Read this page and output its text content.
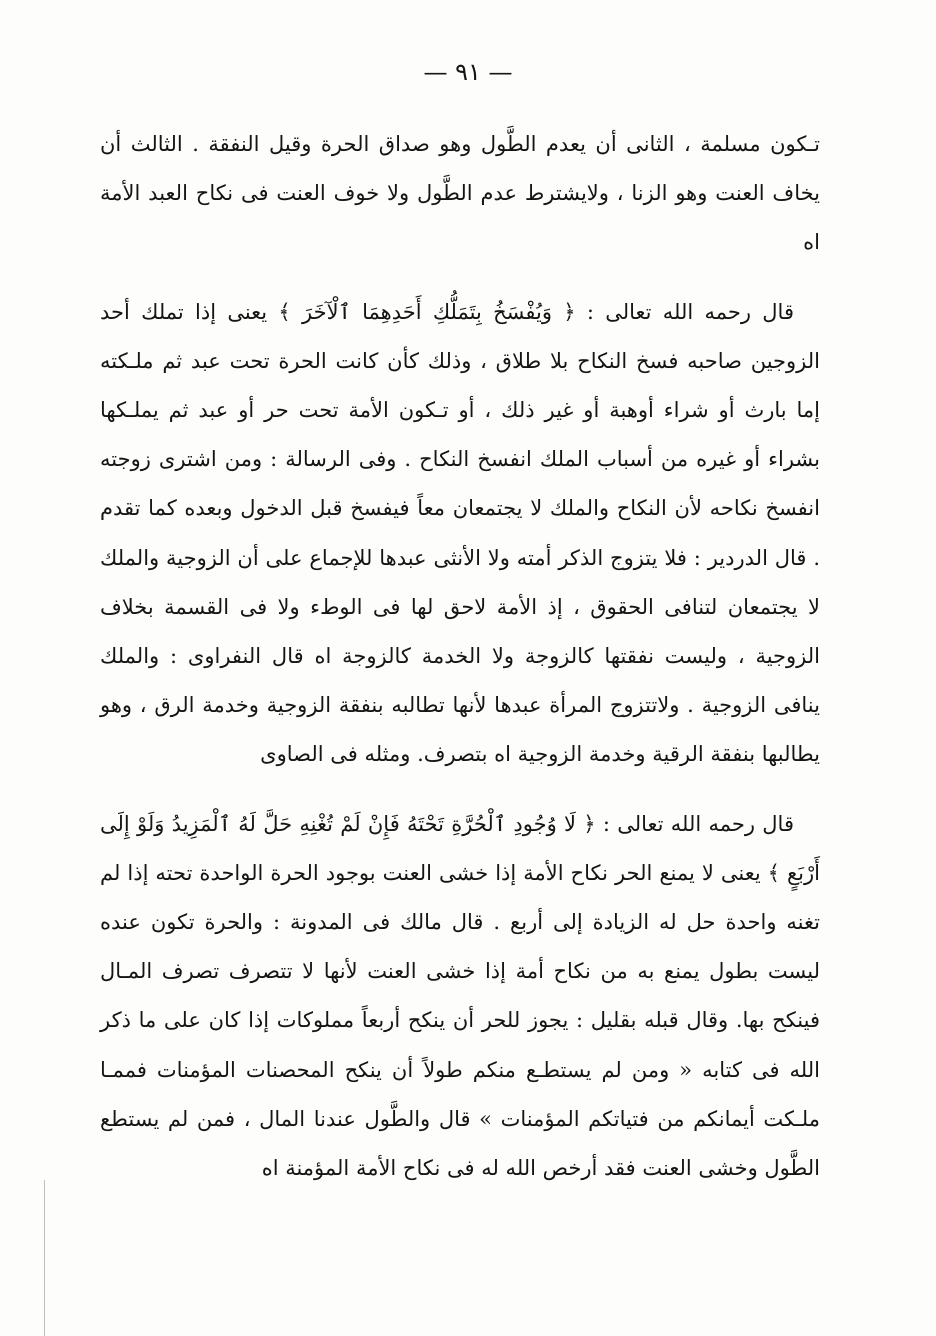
— ٩١ —

تـكون مسلمة ، الثانى أن يعدم الطَّول وهو صداق الحرة وقيل النفقة . الثالث أن يخاف العنت وهو الزنا ، ولايشترط عدم الطَّول ولا خوف العنت فى نكاح العبد الأمة اه

قال رحمه الله تعالى : ﴿ وَيُفْسَخُ بِتَمَلُّكِ أَحَدِهِمَا ٱلْآخَرَ ﴾ يعنى إذا تملك أحد الزوجين صاحبه فسخ النكاح بلا طلاق ، وذلك كأن كانت الحرة تحت عبد ثم ملـكته إما بارث أو شراء أوهبة أو غير ذلك ، أو تـكون الأمة تحت حر أو عبد ثم يملـكها بشراء أو غيره من أسباب الملك انفسخ النكاح . وفى الرسالة : ومن اشترى زوجته انفسخ نكاحه لأن النكاح والملك لا يجتمعان معاً فيفسخ قبل الدخول وبعده كما تقدم . قال الدردير : فلا يتزوج الذكر أمته ولا الأنثى عبدها للإجماع على أن الزوجية والملك لا يجتمعان لتنافى الحقوق ، إذ الأمة لاحق لها فى الوطء ولا فى القسمة بخلاف الزوجية ، وليست نفقتها كالزوجة ولا الخدمة كالزوجة اه قال النفراوى : والملك ينافى الزوجية . ولاتتزوج المرأة عبدها لأنها تطالبه بنفقة الزوجية وخدمة الرق ، وهو يطالبها بنفقة الرقية وخدمة الزوجية اه بتصرف. ومثله فى الصاوى

قال رحمه الله تعالى : ﴿ لَا وُجُودِ ٱلْحُرَّةِ تَحْتَهُ فَإِنْ لَمْ تُغْنِهِ حَلَّ لَهُ ٱلْمَزِيدُ وَلَوْ إِلَى أَرْبَعٍ ﴾ يعنى لا يمنع الحر نكاح الأمة إذا خشى العنت بوجود الحرة الواحدة تحته إذا لم تغنه واحدة حل له الزيادة إلى أربع . قال مالك فى المدونة : والحرة تكون عنده ليست بطول يمنع به من نكاح أمة إذا خشى العنت لأنها لا تتصرف تصرف المـال فينكح بها. وقال قبله بقليل : يجوز للحر أن ينكح أربعاً مملوكات إذا كان على ما ذكر الله فى كتابه « ومن لم يستطـع منكم طولاً أن ينكح المحصنات المؤمنات فممـا ملـكت أيمانكم من فتياتكم المؤمنات » قال والطَّول عندنا المال ، فمن لم يستطع الطَّول وخشى العنت فقد أرخص الله له فى نكاح الأمة المؤمنة اه
